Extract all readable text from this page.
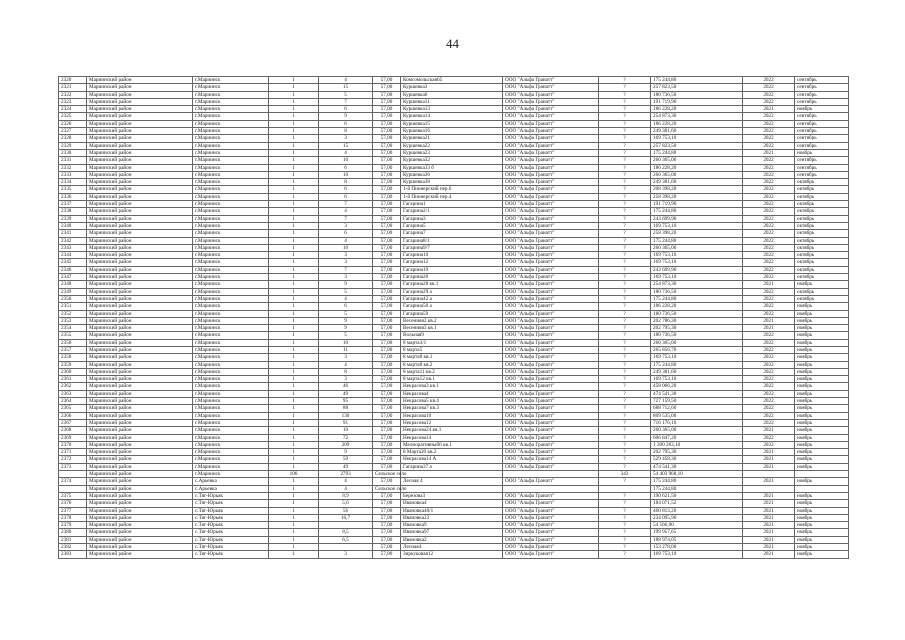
44
2320	Мариинский район	г.Мариинск	1	4	57,00	Комсомольская65	ООО "Альфа Гранатт"	?	175 244,80	2022	сентябрь
2321	Мариинский район	г.Мариинск	1	15	57,00	Куршевка3	ООО "Альфа Гранатт"	?	257 823,50	2022	сентябрь
2322	Мариинский район	г.Мариинск	1	5	57,00	Куршевка6	ООО "Альфа Гранатт"	?	180 736,50	2022	сентябрь
2323	Мариинский район	г.Мариинск	1	7	57,00	Куршевка11	ООО "Альфа Гранатт"	?	191 719,90	2022	сентябрь
2324	Мариинский район	г.Мариинск	1	6	57,00	Куршевка13	ООО "Альфа Гранатт"	?	186 228,20	2021	ноябрь
2325	Мариинский район	г.Мариинск	1	9	57,00	Куршевка14	ООО "Альфа Гранатт"	?	254 873,30	2022	сентябрь
2326	Мариинский район	г.Мариинск	1	6	57,00	Куршевка15	ООО "Альфа Гранатт"	?	186 228,20	2022	сентябрь
2327	Мариинский район	г.Мариинск	1	8	57,00	Куршевка16	ООО "Альфа Гранатт"	?	249 381,60	2022	сентябрь
2328	Мариинский район	г.Мариинск	1	3	57,00	Куршевка21	ООО "Альфа Гранатт"	?	169 753,10	2022	сентябрь
2329	Мариинский район	г.Мариинск	1	15	57,00	Куршевка22	ООО "Альфа Гранатт"	?	257 823,50	2022	сентябрь
2330	Мариинский район	г.Мариинск	1	4	57,00	Куршевка23	ООО "Альфа Гранатт"	?	175 244,80	2021	ноябрь
2331	Мариинский район	г.Мариинск	1	10	57,00	Куршевка32	ООО "Альфа Гранатт"	?	260 365,00	2022	сентябрь
2332	Мариинский район	г.Мариинск	1	6	57,00	Куршевка33 б	ООО "Альфа Гранатт"	?	186 228,20	2022	сентябрь
2333	Мариинский район	г.Мариинск	1	10	57,00	Куршевка36	ООО "Альфа Гранатт"	?	260 365,00	2022	сентябрь
2334	Мариинский район	г.Мариинск	1	8	57,00	Куршевка38	ООО "Альфа Гранатт"	?	249 381,60	2022	октябрь
2335	Мариинский район	г.Мариинск	1	6	57,00	1-й Пионерский пер.6	ООО "Альфа Гранатт"	?	208 398,20	2022	октябрь
2336	Мариинский район	г.Мариинск	1	6	57,00	1-й Пионерский пер.4	ООО "Альфа Гранатт"	?	258 398,20	2022	октябрь
2337	Мариинский район	г.Мариинск	1	7	57,00	Гагарина1	ООО "Альфа Гранатт"	?	191 719,90	2022	октябрь
2338	Мариинский район	г.Мариинск	1	4	57,00	Гагарина2/1	ООО "Альфа Гранатт"	?	175 244,80	2022	октябрь
2339	Мариинский район	г.Мариинск	1	7	57,00	Гагарина3	ООО "Альфа Гранатт"	?	243 699,90	2022	октябрь
2340	Мариинский район	г.Мариинск	1	3	57,00	Гагарина5	ООО "Альфа Гранатт"	?	169 753,10	2022	октябрь
2341	Мариинский район	г.Мариинск	1	6	57,00	Гагарина7	ООО "Альфа Гранатт"	?	258 398,20	2022	октябрь
2342	Мариинский район	г.Мариинск	1	4	57,00	Гагарина8/1	ООО "Альфа Гранатт"	?	175 244,80	2022	октябрь
2343	Мариинский район	г.Мариинск	1	10	57,00	Гагарина9/7	ООО "Альфа Гранатт"	?	260 365,00	2022	октябрь
2344	Мариинский район	г.Мариинск	1	3	57,00	Гагарина10	ООО "Альфа Гранатт"	?	169 753,10	2022	октябрь
2345	Мариинский район	г.Мариинск	1	3	57,00	Гагарина12	ООО "Альфа Гранатт"	?	169 753,10	2022	октябрь
2346	Мариинский район	г.Мариинск	1	7	57,00	Гагарина19	ООО "Альфа Гранатт"	?	243 699,90	2022	октябрь
2347	Мариинский район	г.Мариинск	1	3	57,00	Гагарина20	ООО "Альфа Гранатт"	?	169 753,10	2022	октябрь
2348	Мариинский район	г.Мариинск	1	9	57,00	Гагарина28 кв.1	ООО "Альфа Гранатт"	?	254 873,30	2021	ноябрь
2349	Мариинский район	г.Мариинск	1	5	57,00	Гагарина29 а	ООО "Альфа Гранатт"	?	180 736,50	2022	октябрь
2350	Мариинский район	г.Мариинск	1	4	57,00	Гагарина42 а	ООО "Альфа Гранатт"	?	175 244,80	2022	октябрь
2351	Мариинский район	г.Мариинск	1	6	57,00	Гагарина50 а	ООО "Альфа Гранатт"	?	186 228,20	2022	ноябрь
2352	Мариинский район	г.Мариинск	1	5	57,00	Гагарина59	ООО "Альфа Гранатт"	?	180 736,50	2022	ноябрь
2353	Мариинский район	г.Мариинск	1	9	57,00	Весенняя2 кв.2	ООО "Альфа Гранатт"	?	202 786,30	2021	ноябрь
2354	Мариинский район	г.Мариинск	1	9	57,00	Весенняя3 кв.1	ООО "Альфа Гранатт"	?	202 795,30	2021	ноябрь
2355	Мариинский район	г.Мариинск	1	5	57,00	Вольная9	ООО "Альфа Гранатт"	?	180 736,50	2022	ноябрь
2356	Мариинский район	г.Мариинск	1	10	57,00	8 марта3/1	ООО "Альфа Гранатт"	?	260 365,00	2022	ноябрь
2357	Мариинский район	г.Мариинск	1	11	57,00	8 марта5	ООО "Альфа Гранатт"	?	265 856,70	2022	ноябрь
2358	Мариинский район	г.Мариинск	1	3	57,00	8 марта8 кв.1	ООО "Альфа Гранатт"	?	169 753,10	2022	ноябрь
2359	Мариинский район	г.Мариинск	1	4	57,00	8 марта8 кв.2	ООО "Альфа Гранатт"	?	175 244,80	2022	ноябрь
2360	Мариинский район	г.Мариинск	1	8	57,00	8 марта11 кв.2	ООО "Альфа Гранатт"	?	249 381,60	2022	ноябрь
2361	Мариинский район	г.Мариинск	1	3	57,00	8 марта12 кв.1	ООО "Альфа Гранатт"	?	169 753,10	2022	ноябрь
2362	Мариинский район	г.Мариинск	1	46	57,00	Некрасова3 кв.1	ООО "Альфа Гранатт"	?	458 066,20	2022	ноябрь
2363	Мариинский район	г.Мариинск	1	49	57,00	Некрасова4	ООО "Альфа Гранатт"	?	474 541,30	2022	ноябрь
2364	Мариинский район	г.Мариинск	1	95	57,00	Некрасова5 кв.4	ООО "Альфа Гранатт"	?	727 159,50	2022	ноябрь
2365	Мариинский район	г.Мариинск	1	88	57,00	Некрасова7 кв.3	ООО "Альфа Гранатт"	?	688 712,60	2022	ноябрь
2366	Мариинский район	г.Мариинск	1	130	57,00	Некрасова10	ООО "Альфа Гранатт"	?	809 535,00	2022	ноябрь
2367	Мариинский район	г.Мариинск	1	91	57,00	Некрасова12	ООО "Альфа Гранатт"	?	716 176,10	2022	ноябрь
2368	Мариинский район	г.Мариинск	1	10	57,00	Некрасова24 кв.1	ООО "Альфа Гранатт"	?	260 365,00	2021	ноябрь
2369	Мариинский район	г.Мариинск	1	72	57,00	Некрасова14	ООО "Альфа Гранатт"	?	606 847,20	2022	ноябрь
2370	Мариинский район	г.Мариинск	1	209	57,00	Мелиоративный6 кв.1	ООО "Альфа Гранатт"	?	1 300 263,10	2022	ноябрь
2371	Мариинский район	г.Мариинск	1	9	57,00	8 Марта20 кв.2	ООО "Альфа Гранатт"	?	202 795,30	2021	ноябрь
2372	Мариинский район	г.Мариинск	1	59	57,00	Некрасова14 А	ООО "Альфа Гранатт"	?	529 458,30	2021	ноябрь
2373	Мариинский район	г.Мариинск	1	49	57,00	Гагарина37 а	ООО "Альфа Гранатт"	?	474 541,30	2021	ноябрь
	Мариинский район	г.Мариинск	106	2793	Сельское село			343	54 403 968,10		
2374	Мариинский район	с.Арьевка	1	4	57,00	Лесная 4	ООО "Альфа Гранатт"	?	175 244,80	2021	ноябрь
	Мариинский район	с.Арьевка	1	4	Сельское село				175 244,80		
2375	Мариинский район	с.Тяг-Юрьяк	1	8,9	57,00	Березова3	ООО "Альфа Гранатт"	?	190 621,50	2021	ноябрь
2376	Мариинский район	с.Тяг-Юрьяк	1	5,6	57,00	Ивановка4	ООО "Альфа Гранатт"	?	184 071,52	2021	ноябрь
2377	Мариинский район	с.Тяг-Юрьяк	1	56	57,00	Ивановка40/1	ООО "Альфа Гранатт"	?	460 813,20	2021	ноябрь
2378	Мариинский район	с.Тяг-Юрьяк	1	16,7	57,00	Ивановка23	ООО "Альфа Гранатт"	?	234 095,90	2021	ноябрь
2379	Мариинский район	с.Тяг-Юрьяк	1		57,00	Ивановка9	ООО "Альфа Гранатт"	?	54 566,00	2021	ноябрь
2380	Мариинский район	с.Тяг-Юрьяк	1	8,5	57,00	Ивановка97	ООО "Альфа Гранатт"	?	199 957,65	2021	ноябрь
2381	Мариинский район	с.Тяг-Юрьяк	1	6,5	57,00	Ивановка2	ООО "Альфа Гранатт"	?	188 974,05	2021	ноябрь
2382	Мариинский район	с.Тяг-Юрьяк	1		57,00	Лесная4	ООО "Альфа Гранатт"	?	153 278,00	2021	ноябрь
2383	Мариинский район	с.Тяг-Юрьяк	1	3	57,00	Зиркуковая12	ООО "Альфа Гранатт"	?	169 753,10	2021	ноябрь
